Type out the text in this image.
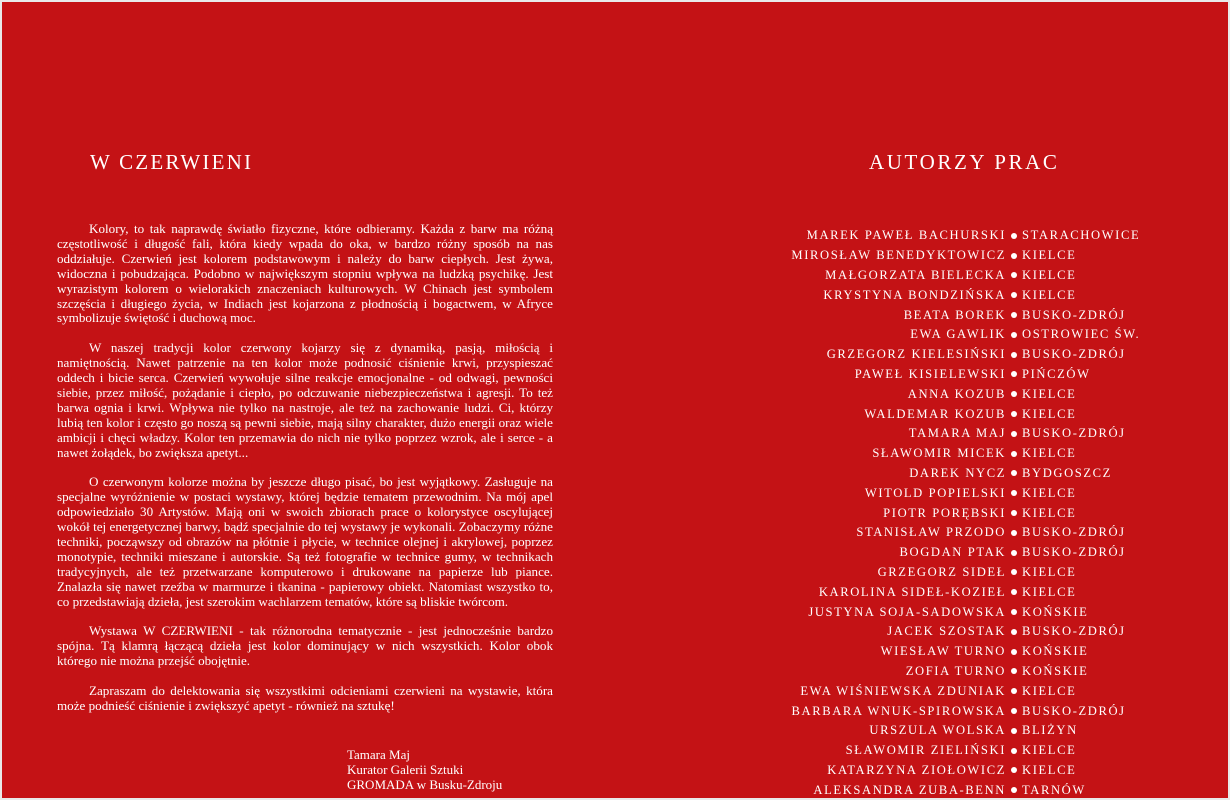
W CZERWIENI

Kolory, to tak naprawdę światło fizyczne, które odbieramy. Każda z barw ma różną częstotliwość i długość fali, która kiedy wpada do oka, w bardzo różny sposób na nas oddziałuje. Czerwień jest kolorem podstawowym i należy do barw ciepłych. Jest żywa, widoczna i pobudzająca. Podobno w największym stopniu wpływa na ludzką psychikę. Jest wyrazistym kolorem o wielorakich znaczeniach kulturowych. W Chinach jest symbolem szczęścia i długiego życia, w Indiach jest kojarzona z płodnością i bogactwem, w Afryce symbolizuje świętość i duchową moc.

W naszej tradycji kolor czerwony kojarzy się z dynamiką, pasją, miłością i namiętnością. Nawet patrzenie na ten kolor może podnosić ciśnienie krwi, przyspieszać oddech i bicie serca. Czerwień wywołuje silne reakcje emocjonalne - od odwagi, pewności siebie, przez miłość, pożądanie i ciepło, po odczuwanie niebezpieczeństwa i agresji. To też barwa ognia i krwi. Wpływa nie tylko na nastroje, ale też na zachowanie ludzi. Ci, którzy lubią ten kolor i często go noszą są pewni siebie, mają silny charakter, dużo energii oraz wiele ambicji i chęci władzy. Kolor ten przemawia do nich nie tylko poprzez wzrok, ale i serce - a nawet żołądek, bo zwiększa apetyt...

O czerwonym kolorze można by jeszcze długo pisać, bo jest wyjątkowy. Zasługuje na specjalne wyróżnienie w postaci wystawy, której będzie tematem przewodnim. Na mój apel odpowiedziało 30 Artystów. Mają oni w swoich zbiorach prace o kolorystyce oscylującej wokół tej energetycznej barwy, bądź specjalnie do tej wystawy je wykonali. Zobaczymy różne techniki, począwszy od obrazów na płótnie i płycie, w technice olejnej i akrylowej, poprzez monotypie, techniki mieszane i autorskie. Są też fotografie w technice gumy, w technikach tradycyjnych, ale też przetwarzane komputerowo i drukowane na papierze lub piance. Znalazła się nawet rzeźba w marmurze i tkanina - papierowy obiekt. Natomiast wszystko to, co przedstawiają dzieła, jest szerokim wachlarzem tematów, które są bliskie twórcom.

Wystawa W CZERWIENI - tak różnorodna tematycznie - jest jednocześnie bardzo spójna. Tą klamrą łączącą dzieła jest kolor dominujący w nich wszystkich. Kolor obok którego nie można przejść obojętnie.

Zapraszam do delektowania się wszystkimi odcieniami czerwieni na wystawie, która może podnieść ciśnienie i zwiększyć apetyt - również na sztukę!

Tamara Maj
Kurator Galerii Sztuki
GROMADA w Busku-Zdroju
AUTORZY PRAC
MAREK PAWEŁ BACHURSKI STARACHOWICE
MIROSŁAW BENEDYKTOWICZ KIELCE
MAŁGORZATA BIELECKA KIELCE
KRYSTYNA BONDZIŃSKA KIELCE
BEATA BOREK BUSKO-ZDRÓJ
EWA GAWLIK OSTROWIEC ŚW.
GRZEGORZ KIELESIŃSKI BUSKO-ZDRÓJ
PAWEŁ KISIELEWSKI PIŃCZÓW
ANNA KOZUB KIELCE
WALDEMAR KOZUB KIELCE
TAMARA MAJ BUSKO-ZDRÓJ
SŁAWOMIR MICEK KIELCE
DAREK NYCZ BYDGOSZCZ
WITOLD POPIELSKI KIELCE
PIOTR PORĘBSKI KIELCE
STANISŁAW PRZODO BUSKO-ZDRÓJ
BOGDAN PTAK BUSKO-ZDRÓJ
GRZEGORZ SIDEŁ KIELCE
KAROLINA SIDEŁ-KOZIEŁ KIELCE
JUSTYNA SOJA-SADOWSKA KOŃSKIE
JACEK SZOSTAK BUSKO-ZDRÓJ
WIESŁAW TURNO KOŃSKIE
ZOFIA TURNO KOŃSKIE
EWA WIŚNIEWSKA ZDUNIAK KIELCE
BARBARA WNUK-SPIROWSKA BUSKO-ZDRÓJ
URSZULA WOLSKA BLIŻYN
SŁAWOMIR ZIELIŃSKI KIELCE
KATARZYNA ZIOŁOWICZ KIELCE
ALEKSANDRA ZUBA-BENN TARNÓW
